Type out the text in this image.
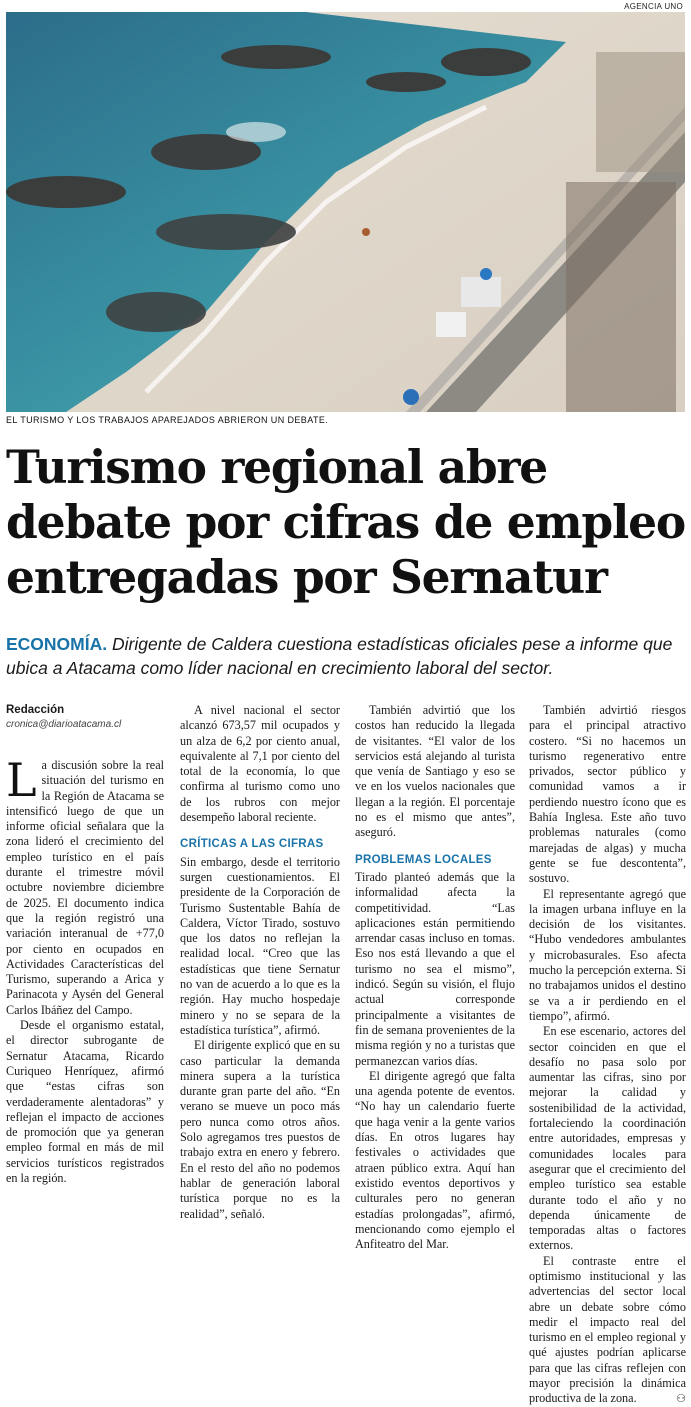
AGENCIA UNO
EL TURISMO Y LOS TRABAJOS APAREJADOS ABRIERON UN DEBATE.
Turismo regional abre
debate por cifras de empleo
entregadas por Sernatur
ECONOMÍA. Dirigente de Caldera cuestiona estadísticas oficiales pese a informe que ubica a Atacama como líder nacional en crecimiento laboral del sector.
Redacción
cronica@diarioatacama.cl

La discusión sobre la real situación del turismo en la Región de Atacama se intensificó luego de que un informe oficial señalara que la zona lideró el crecimiento del empleo turístico en el país durante el trimestre móvil octubre noviembre diciembre de 2025. El documento indica que la región registró una variación interanual de +77,0 por ciento en ocupados en Actividades Características del Turismo, superando a Arica y Parinacota y Aysén del General Carlos Ibáñez del Campo.

Desde el organismo estatal, el director subrogante de Sernatur Atacama, Ricardo Curiqueo Henríquez, afirmó que “estas cifras son verdaderamente alentadoras” y reflejan el impacto de acciones de promoción que ya generan empleo formal en más de mil servicios turísticos registrados en la región.

A nivel nacional el sector alcanzó 673,57 mil ocupados y un alza de 6,2 por ciento anual, equivalente al 7,1 por ciento del total de la economía, lo que confirma al turismo como uno de los rubros con mejor desempeño laboral reciente.

CRÍTICAS A LAS CIFRAS

Sin embargo, desde el territorio surgen cuestionamientos. El presidente de la Corporación de Turismo Sustentable Bahía de Caldera, Víctor Tirado, sostuvo que los datos no reflejan la realidad local. “Creo que las estadísticas que tiene Sernatur no van de acuerdo a lo que es la región. Hay mucho hospedaje minero y no se separa de la estadística turística”, afirmó.

El dirigente explicó que en su caso particular la demanda minera supera a la turística durante gran parte del año. “En verano se mueve un poco más pero nunca como otros años. Solo agregamos tres puestos de trabajo extra en enero y febrero. En el resto del año no podemos hablar de generación laboral turística porque no es la realidad”, señaló.

También advirtió que los costos han reducido la llegada de visitantes. “El valor de los servicios está alejando al turista que venía de Santiago y eso se ve en los vuelos nacionales que llegan a la región. El porcentaje no es el mismo que antes”, aseguró.

PROBLEMAS LOCALES

Tirado planteó además que la informalidad afecta la competitividad. “Las aplicaciones están permitiendo arrendar casas incluso en tomas. Eso nos está llevando a que el turismo no sea el mismo”, indicó. Según su visión, el flujo actual corresponde principalmente a visitantes de fin de semana provenientes de la misma región y no a turistas que permanezcan varios días.

El dirigente agregó que falta una agenda potente de eventos. “No hay un calendario fuerte que haga venir a la gente varios días. En otros lugares hay festivales o actividades que atraen público extra. Aquí han existido eventos deportivos y culturales pero no generan estadías prolongadas”, afirmó, mencionando como ejemplo el Anfiteatro del Mar.

También advirtió riesgos para el principal atractivo costero. “Si no hacemos un turismo regenerativo entre privados, sector público y comunidad vamos a ir perdiendo nuestro ícono que es Bahía Inglesa. Este año tuvo problemas naturales (como marejadas de algas) y mucha gente se fue descontenta”, sostuvo.

El representante agregó que la imagen urbana influye en la decisión de los visitantes. “Hubo vendedores ambulantes y microbasurales. Eso afecta mucho la percepción externa. Si no trabajamos unidos el destino se va a ir perdiendo en el tiempo”, afirmó.

En ese escenario, actores del sector coinciden en que el desafío no pasa solo por aumentar las cifras, sino por mejorar la calidad y sostenibilidad de la actividad, fortaleciendo la coordinación entre autoridades, empresas y comunidades locales para asegurar que el crecimiento del empleo turístico sea estable durante todo el año y no dependa únicamente de temporadas altas o factores externos.

El contraste entre el optimismo institucional y las advertencias del sector local abre un debate sobre cómo medir el impacto real del turismo en el empleo regional y qué ajustes podrían aplicarse para que las cifras reflejen con mayor precisión la dinámica productiva de la zona.	⚇
